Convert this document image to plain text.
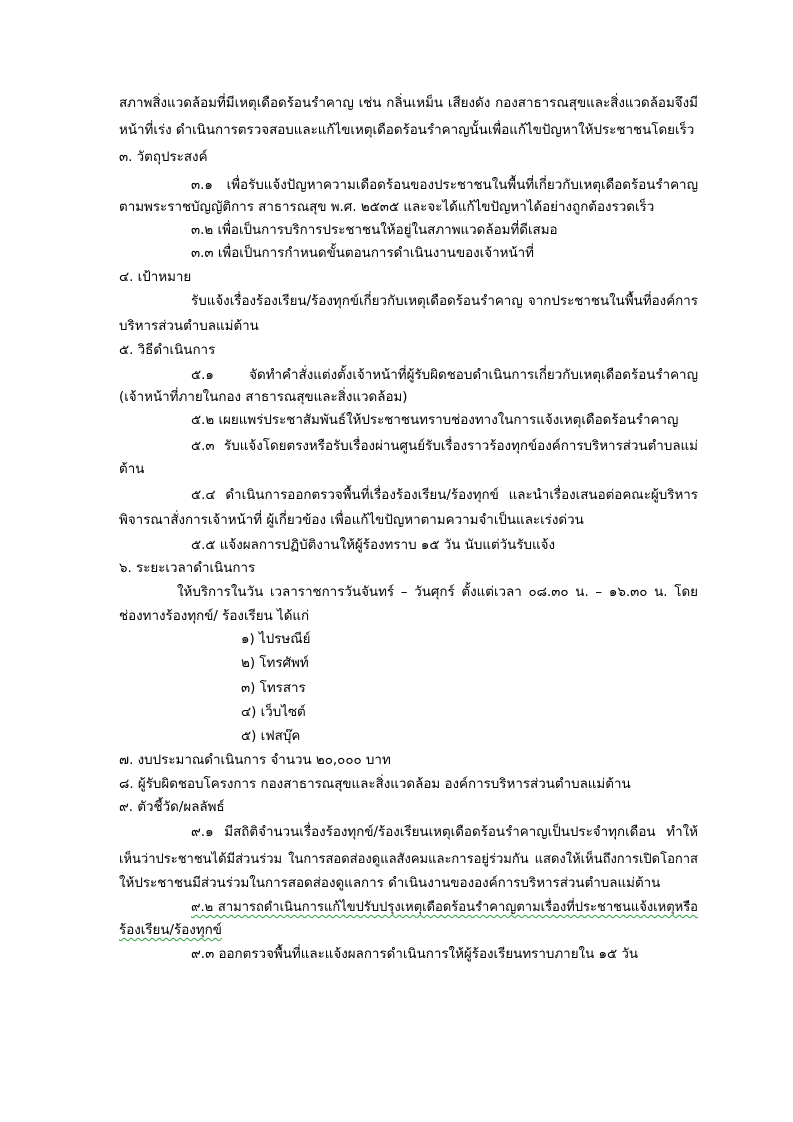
สภาพสิ่งแวดล้อมที่มีเหตุเดือดร้อนรำคาญ เช่น กลิ่นเหม็น เสียงดัง กองสาธารณสุขและสิ่งแวดล้อมจึงมี
หน้าที่เร่ง ดำเนินการตรวจสอบและแก้ไขเหตุเดือดร้อนรำคาญนั้นเพื่อแก้ไขปัญหาให้ประชาชนโดยเร็ว
๓. วัตถุประสงค์
๓.๑ เพื่อรับแจ้งปัญหาความเดือดร้อนของประชาชนในพื้นที่เกี่ยวกับเหตุเดือดร้อนรำคาญ
ตามพระราชบัญญัติการ สาธารณสุข พ.ศ. ๒๕๓๕ และจะได้แก้ไขปัญหาได้อย่างถูกต้องรวดเร็ว
๓.๒ เพื่อเป็นการบริการประชาชนให้อยู่ในสภาพแวดล้อมที่ดีเสมอ
๓.๓ เพื่อเป็นการกำหนดขั้นตอนการดำเนินงานของเจ้าหน้าที่
๔. เป้าหมาย
รับแจ้งเรื่องร้องเรียน/ร้องทุกข์เกี่ยวกับเหตุเดือดร้อนรำคาญ จากประชาชนในพื้นที่องค์การ
บริหารส่วนตำบลแม่ต้าน
๕. วิธีดำเนินการ
๕.๑ จัดทำคำสั่งแต่งตั้งเจ้าหน้าที่ผู้รับผิดชอบดำเนินการเกี่ยวกับเหตุเดือดร้อนรำคาญ
(เจ้าหน้าที่ภายในกอง สาธารณสุขและสิ่งแวดล้อม)
๕.๒ เผยแพร่ประชาสัมพันธ์ให้ประชาชนทราบช่องทางในการแจ้งเหตุเดือดร้อนรำคาญ
๕.๓ รับแจ้งโดยตรงหรือรับเรื่องผ่านศูนย์รับเรื่องราวร้องทุกข์องค์การบริหารส่วนตำบลแม่
ต้าน
๕.๔ ดำเนินการออกตรวจพื้นที่เรื่องร้องเรียน/ร้องทุกข์ และนำเรื่องเสนอต่อคณะผู้บริหาร
พิจารณาสั่งการเจ้าหน้าที่ ผู้เกี่ยวข้อง เพื่อแก้ไขปัญหาตามความจำเป็นและเร่งด่วน
๕.๕ แจ้งผลการปฏิบัติงานให้ผู้ร้องทราบ ๑๕ วัน นับแต่วันรับแจ้ง
๖. ระยะเวลาดำเนินการ
ให้บริการในวัน เวลาราชการวันจันทร์ – วันศุกร์ ตั้งแต่เวลา ๐๘.๓๐ น. – ๑๖.๓๐ น. โดย
ช่องทางร้องทุกข์/ ร้องเรียน ได้แก่
๑) ไปรษณีย์
๒) โทรศัพท์
๓) โทรสาร
๔) เว็บไซต์
๕) เฟสบุ๊ค
๗. งบประมาณดำเนินการ จำนวน ๒๐,๐๐๐ บาท
๘. ผู้รับผิดชอบโครงการ กองสาธารณสุขและสิ่งแวดล้อม องค์การบริหารส่วนตำบลแม่ต้าน
๙. ตัวชี้วัด/ผลลัพธ์
๙.๑ มีสถิติจำนวนเรื่องร้องทุกข์/ร้องเรียนเหตุเดือดร้อนรำคาญเป็นประจำทุกเดือน ทำให้
เห็นว่าประชาชนได้มีส่วนร่วม ในการสอดส่องดูแลสังคมและการอยู่ร่วมกัน แสดงให้เห็นถึงการเปิดโอกาส
ให้ประชาชนมีส่วนร่วมในการสอดส่องดูแลการ ดำเนินงานขององค์การบริหารส่วนตำบลแม่ต้าน
๙.๒ สามารถดำเนินการแก้ไขปรับปรุงเหตุเดือดร้อนรำคาญตามเรื่องที่ประชาชนแจ้งเหตุหรือ
ร้องเรียน/ร้องทุกข์
๙.๓ ออกตรวจพื้นที่และแจ้งผลการดำเนินการให้ผู้ร้องเรียนทราบภายใน ๑๕ วัน
